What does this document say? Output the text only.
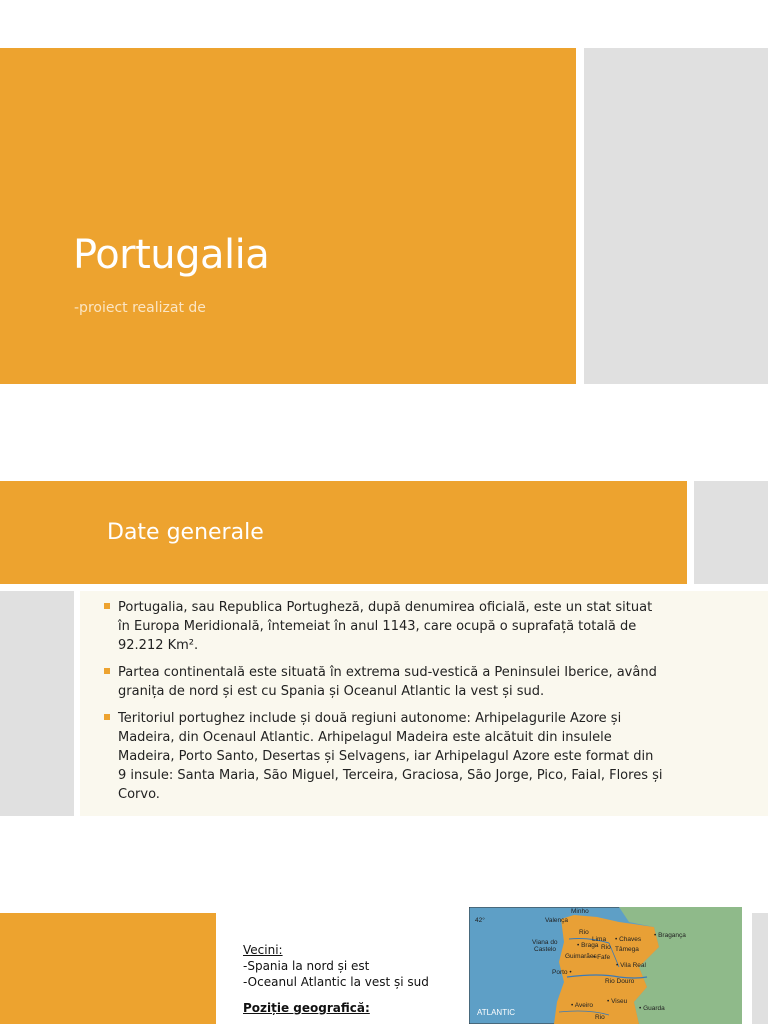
Portugalia
-proiect realizat de
Date generale
Portugalia, sau Republica Portugheză, după denumirea oficială, este un stat situat în Europa Meridională, întemeiat în anul 1143, care ocupă o suprafață totală de 92.212 Km².
Partea continentală este situată în extrema sud-vestică a Peninsulei Iberice, având granița de nord și est cu Spania și Oceanul Atlantic la vest și sud.
Teritoriul portughez include și două regiuni autonome: Arhipelagurile Azore și Madeira, din Ocenaul Atlantic. Arhipelagul Madeira este alcătuit din insulele Madeira, Porto Santo, Desertas și Selvagens, iar Arhipelagul Azore este format din 9 insule: Santa Maria, São Miguel, Terceira, Graciosa, São Jorge, Pico, Faial, Flores și Corvo.
Vecini:
-Spania la nord și est
-Oceanul Atlantic la vest și sud
Poziție geografică:
42°
Minho
Valença
• Bragança
Rio
Lima • Chaves
Viana do
Castelo
• Braga Rio Tâmega
Guimarães
• Fafe
• Vila Real
Porto •
Rio Douro
• Aveiro
• Viseu
• Guarda
Rio
ATLANTIC
